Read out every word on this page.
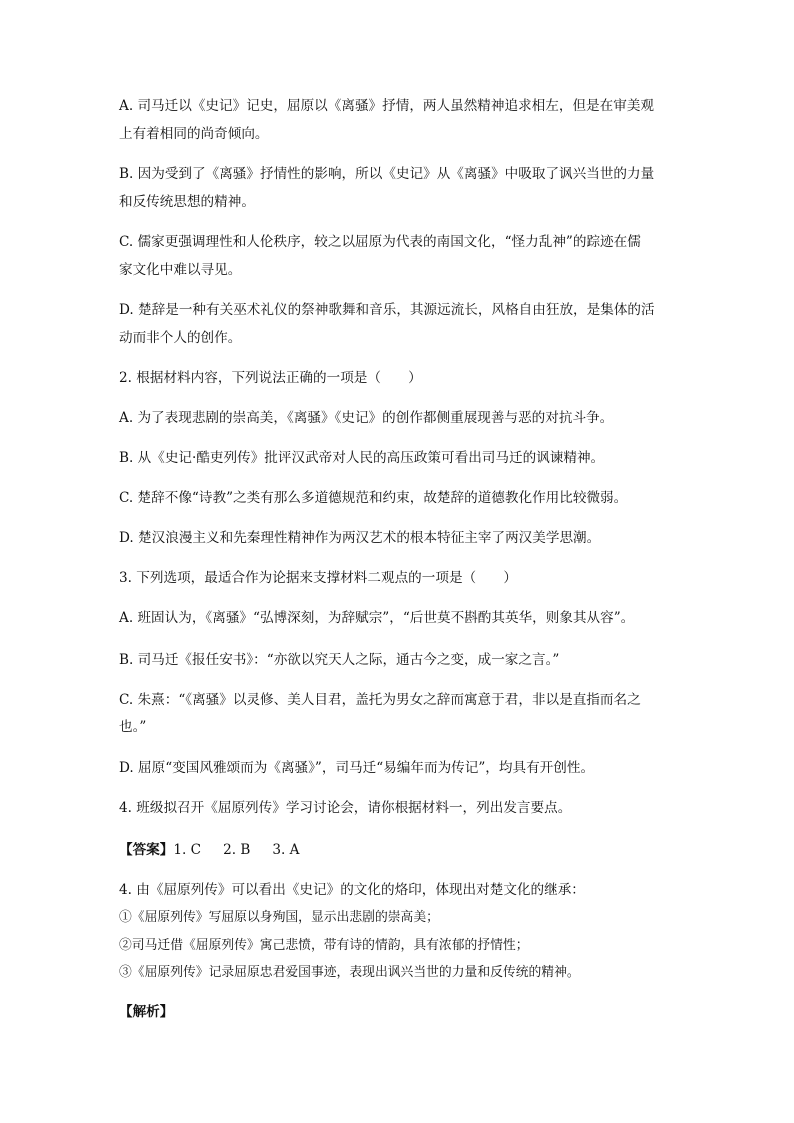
A. 司马迁以《史记》记史，屈原以《离骚》抒情，两人虽然精神追求相左，但是在审美观
上有着相同的尚奇倾向。
B. 因为受到了《离骚》抒情性的影响，所以《史记》从《离骚》中吸取了讽兴当世的力量
和反传统思想的精神。
C. 儒家更强调理性和人伦秩序，较之以屈原为代表的南国文化，“怪力乱神”的踪迹在儒
家文化中难以寻见。
D. 楚辞是一种有关巫术礼仪的祭神歌舞和音乐，其源远流长，风格自由狂放，是集体的活
动而非个人的创作。
2. 根据材料内容，下列说法正确的一项是（　　）
A. 为了表现悲剧的崇高美，《离骚》《史记》的创作都侧重展现善与恶的对抗斗争。
B. 从《史记·酷吏列传》批评汉武帝对人民的高压政策可看出司马迁的讽谏精神。
C. 楚辞不像“诗教”之类有那么多道德规范和约束，故楚辞的道德教化作用比较微弱。
D. 楚汉浪漫主义和先秦理性精神作为两汉艺术的根本特征主宰了两汉美学思潮。
3. 下列选项，最适合作为论据来支撑材料二观点的一项是（　　）
A. 班固认为，《离骚》“弘博深刻，为辞赋宗”，“后世莫不斟酌其英华，则象其从容”。
B. 司马迁《报任安书》：“亦欲以究天人之际，通古今之变，成一家之言。”
C. 朱熹：“《离骚》以灵修、美人目君，盖托为男女之辞而寓意于君，非以是直指而名之
也。”
D. 屈原“变国风雅颂而为《离骚》”，司马迁“易编年而为传记”，均具有开创性。
4. 班级拟召开《屈原列传》学习讨论会，请你根据材料一，列出发言要点。
【答案】1. C 2. B 3. A
4. 由《屈原列传》可以看出《史记》的文化的烙印，体现出对楚文化的继承：
①《屈原列传》写屈原以身殉国，显示出悲剧的崇高美；
②司马迁借《屈原列传》寓己悲愤，带有诗的情韵，具有浓郁的抒情性；
③《屈原列传》记录屈原忠君爱国事迹，表现出讽兴当世的力量和反传统的精神。
【解析】
